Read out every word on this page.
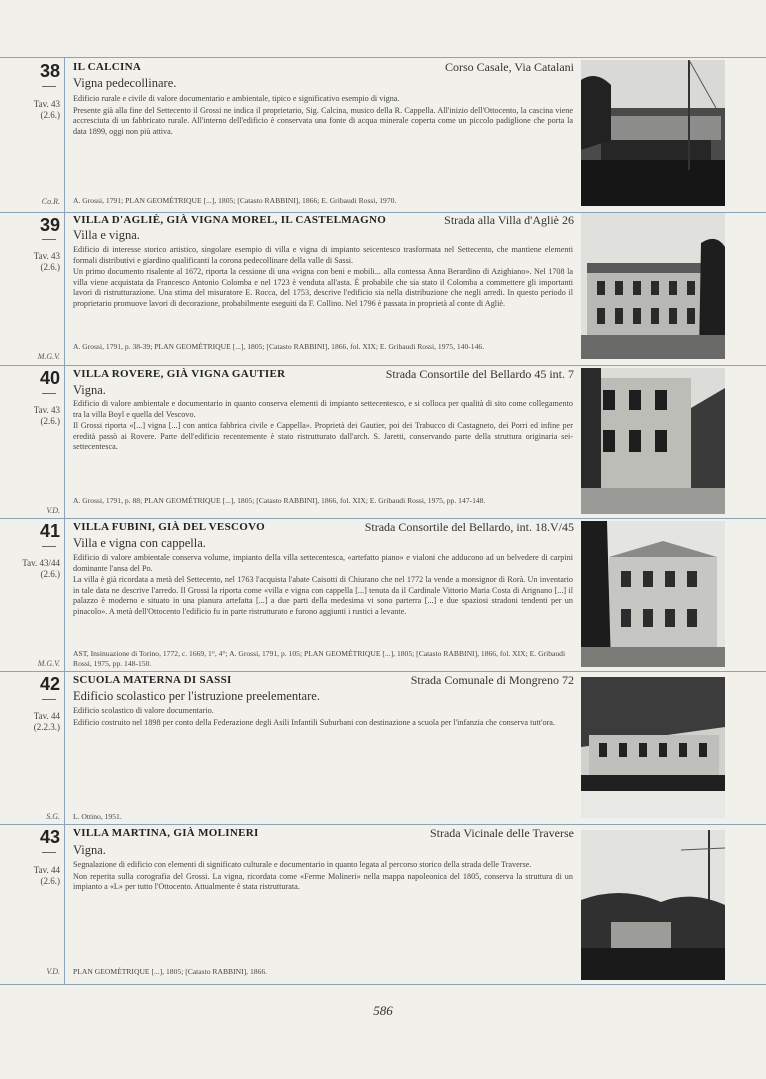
38
Tav. 43
(2.6.)
Co.R.
IL CALCINA	Corso Casale, Via Catalani
Vigna pedecollinare.

Edificio rurale e civile di valore documentario e ambientale, tipico e significativo esempio di vigna.

Presente già alla fine del Settecento il Grossi ne indica il proprietario, Sig. Calcina, musico della R. Cappella. All'inizio dell'Ottocento, la cascina viene accresciuta di un fabbricato rurale. All'interno dell'edificio è conservata una fonte di acqua minerale coperta come un piccolo padiglione che porta la data 1899, oggi non più attiva.

A. Grossi, 1791; PLAN GEOMÉTRIQUE [...], 1805; [Catasto RABBINI], 1866; E. Gribaudi Rossi, 1970.
39
Tav. 43
(2.6.)
M.G.V.
VILLA D'AGLIÈ, GIÀ VIGNA MOREL, IL CASTELMAGNO	Strada alla Villa d'Agliè 26
Villa e vigna.

Edificio di interesse storico artistico, singolare esempio di villa e vigna di impianto seicentesco trasformata nel Settecento, che mantiene elementi formali distributivi e giardino qualificanti la corona pedecollinare della valle di Sassi.

Un primo documento risalente al 1672, riporta la cessione di una «vigna con beni e mobili... alla contessa Anna Berardino di Azighiano». Nel 1708 la villa viene acquistata da Francesco Antonio Colomba e nel 1723 è venduta all'asta. È probabile che sia stato il Colomba a commettere gli importanti lavori di ristrutturazione. Una stima del misuratore E. Rocca, del 1753, descrive l'edificio sia nella distribuzione che negli arredi. In questo periodo il proprietario promuove lavori di decorazione, probabilmente eseguiti da F. Collino. Nel 1796 è passata in proprietà al conte di Agliè.

A. Grossi, 1791, p. 38-39; PLAN GEOMÉTRIQUE [...], 1805; [Catasto RABBINI], 1866, fol. XIX; E. Gribaudi Rossi, 1975, 140-146.
40
Tav. 43
(2.6.)
V.D.
VILLA ROVERE, GIÀ VIGNA GAUTIER	Strada Consortile del Bellardo 45 int. 7
Vigna.

Edificio di valore ambientale e documentario in quanto conserva elementi di impianto settecentesco, e si colloca per qualità di sito come collegamento tra la villa Boyl e quella del Vescovo.

Il Grossi riporta «[...] vigna [...] con antica fabbrica civile e Cappella». Proprietà dei Gautier, poi dei Trabucco di Castagneto, dei Porri ed infine per eredità passò ai Rovere. Parte dell'edificio recentemente è stato ristrutturato dall'arch. S. Jaretti, conservando parte della struttura originaria sei-settecentesca.

A. Grossi, 1791, p. 88; PLAN GEOMÉTRIQUE [...], 1805; [Catasto RABBINI], 1866, fol. XIX; E. Gribaudi Rossi, 1975, pp. 147-148.
41
Tav. 43/44
(2.6.)
M.G.V.
VILLA FUBINI, GIÀ DEL VESCOVO	Strada Consortile del Bellardo, int. 18.V/45
Villa e vigna con cappella.

Edificio di valore ambientale conserva volume, impianto della villa settecentesca, «artefatto piano» e vialoni che adducono ad un belvedere di carpini dominante l'ansa del Po.

La villa è già ricordata a metà del Settecento, nel 1763 l'acquista l'abate Caisotti di Chiurano che nel 1772 la vende a monsignor di Rorà. Un inventario in tale data ne descrive l'arredo. Il Grossi la riporta come «villa e vigna con cappella [...] tenuta da il Cardinale Vittorio Maria Costa di Arignano [...] il palazzo è moderno e situato in una pianura artefatta [...] a due parti della medesima vi sono parterra [...] e due spaziosi stradoni tendenti per un pinacolo». A metà dell'Ottocento l'edificio fu in parte ristrutturato e furono aggiunti i rustici a levante.

AST, Insinuazione di Torino, 1772, c. 1669, 1°, 4°; A. Grossi, 1791, p. 105; PLAN GEOMÉTRIQUE [...], 1805; [Catasto RABBINI], 1866, fol. XIX; E. Gribaudi Rossi, 1975, pp. 148-150.
42
Tav. 44
(2.2.3.)
S.G.
SCUOLA MATERNA DI SASSI	Strada Comunale di Mongreno 72
Edificio scolastico per l'istruzione preelementare.

Edificio scolastico di valore documentario.

Edificio costruito nel 1898 per conto della Federazione degli Asili Infantili Suburbani con destinazione a scuola per l'infanzia che conserva tutt'ora.

L. Ottino, 1951.
43
Tav. 44
(2.6.)
V.D.
VILLA MARTINA, GIÀ MOLINERI	Strada Vicinale delle Traverse
Vigna.

Segnalazione di edificio con elementi di significato culturale e documentario in quanto legata al percorso storico della strada delle Traverse.

Non reperita sulla corografia del Grossi. La vigna, ricordata come «Ferme Molineri» nella mappa napoleonica del 1805, conserva la struttura di un impianto a «L» per tutto l'Ottocento. Attualmente è stata ristrutturata.

PLAN GEOMÉTRIQUE [...], 1805; [Catasto RABBINI], 1866.
586
